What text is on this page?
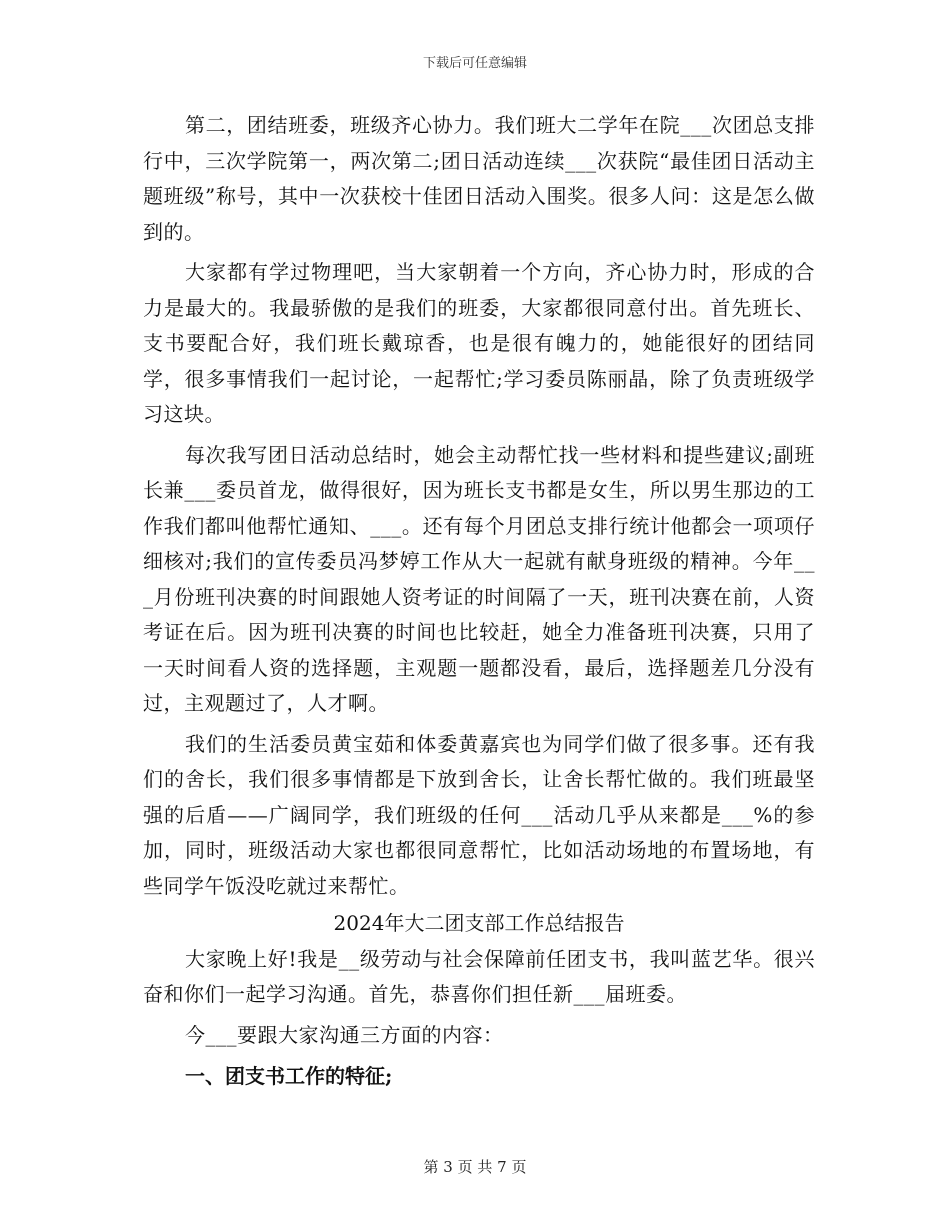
下载后可任意编辑

第二，团结班委，班级齐心协力。我们班大二学年在院___次团总支排行中，三次学院第一，两次第二;团日活动连续___次获院“最佳团日活动主题班级”称号，其中一次获校十佳团日活动入围奖。很多人问：这是怎么做到的。

大家都有学过物理吧，当大家朝着一个方向，齐心协力时，形成的合力是最大的。我最骄傲的是我们的班委，大家都很同意付出。首先班长、支书要配合好，我们班长戴琼香，也是很有魄力的，她能很好的团结同学，很多事情我们一起讨论，一起帮忙;学习委员陈丽晶，除了负责班级学习这块。

每次我写团日活动总结时，她会主动帮忙找一些材料和提些建议;副班长兼___委员首龙，做得很好，因为班长支书都是女生，所以男生那边的工作我们都叫他帮忙通知、___。还有每个月团总支排行统计他都会一项项仔细核对;我们的宣传委员冯梦婷工作从大一起就有献身班级的精神。今年___月份班刊决赛的时间跟她人资考证的时间隔了一天，班刊决赛在前，人资考证在后。因为班刊决赛的时间也比较赶，她全力准备班刊决赛，只用了一天时间看人资的选择题，主观题一题都没看，最后，选择题差几分没有过，主观题过了，人才啊。

我们的生活委员黄宝茹和体委黄嘉宾也为同学们做了很多事。还有我们的舍长，我们很多事情都是下放到舍长，让舍长帮忙做的。我们班最坚强的后盾——广阔同学，我们班级的任何___活动几乎从来都是___%的参加，同时，班级活动大家也都很同意帮忙，比如活动场地的布置场地，有些同学午饭没吃就过来帮忙。

2024年大二团支部工作总结报告

大家晚上好!我是__级劳动与社会保障前任团支书，我叫蓝艺华。很兴奋和你们一起学习沟通。首先，恭喜你们担任新___届班委。

今___要跟大家沟通三方面的内容：

一、团支书工作的特征;

第 3 页 共 7 页
